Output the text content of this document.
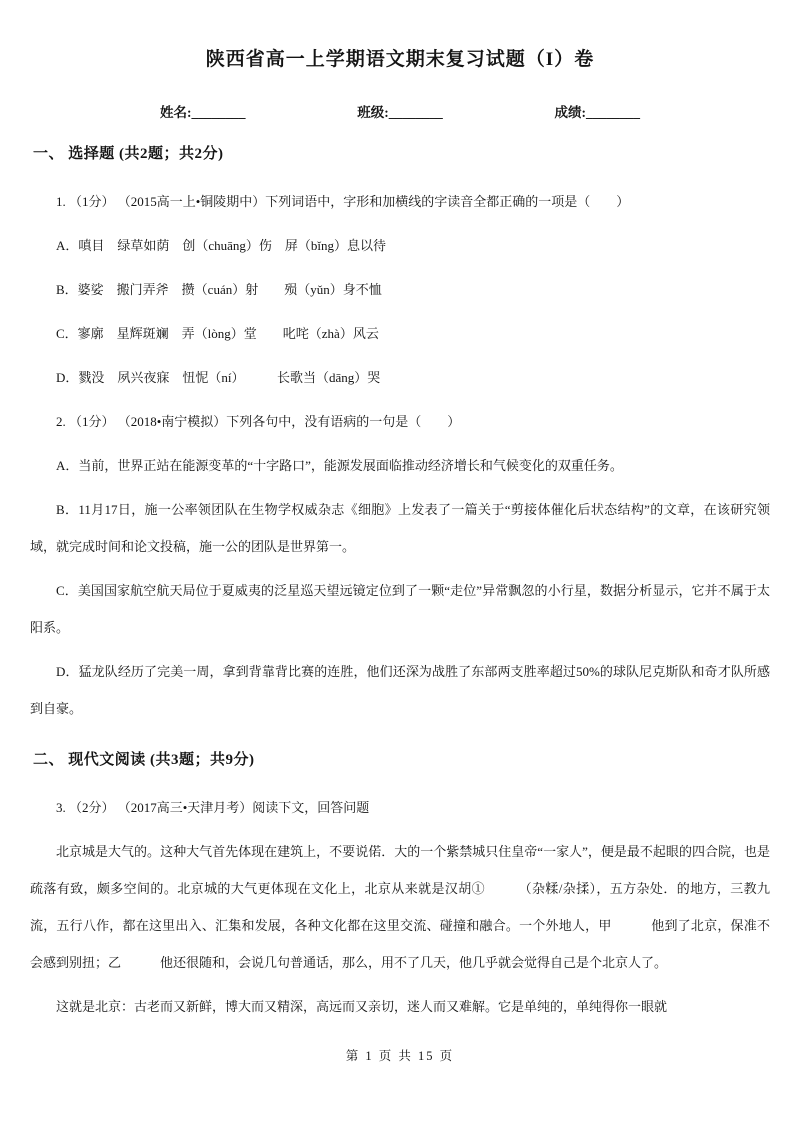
陕西省高一上学期语文期末复习试题（I）卷
姓名:________	班级:________	成绩:________
一、 选择题 (共2题；共2分)
1. （1分） （2015高一上•铜陵期中）下列词语中，字形和加横线的字读音全都正确的一项是（　　）
A．嗔目　绿草如荫　创（chuāng）伤　屏（bǐng）息以待
B．婆娑　搬门弄斧　攒（cuán）射　　殒（yǔn）身不恤
C．寥廓　星辉斑斓　弄（lòng）堂　　叱咤（zhà）风云
D．戮没　夙兴夜寐　忸怩（ní）　　　长歌当（dāng）哭
2. （1分） （2018•南宁模拟）下列各句中，没有语病的一句是（　　）
A．当前，世界正站在能源变革的“十字路口”，能源发展面临推动经济增长和气候变化的双重任务。
B．11月17日，施一公率领团队在生物学权威杂志《细胞》上发表了一篇关于“剪接体催化后状态结构”的文章，在该研究领域，就完成时间和论文投稿，施一公的团队是世界第一。
C．美国国家航空航天局位于夏威夷的泛星巡天望远镜定位到了一颗“走位”异常飘忽的小行星，数据分析显示，它并不属于太阳系。
D．猛龙队经历了完美一周，拿到背靠背比赛的连胜，他们还深为战胜了东部两支胜率超过50%的球队尼克斯队和奇才队所感到自豪。
二、 现代文阅读 (共3题；共9分)
3. （2分） （2017高三•天津月考）阅读下文，回答问题
北京城是大气的。这种大气首先体现在建筑上，不要说偌．大的一个紫禁城只住皇帝“一家人”，便是最不起眼的四合院，也是疏落有致，颇多空间的。北京城的大气更体现在文化上，北京从来就是汉胡①　　　（杂糅/杂揉），五方杂处．的地方，三教九流，五行八作，都在这里出入、汇集和发展，各种文化都在这里交流、碰撞和融合。一个外地人，甲　　　他到了北京，保准不会感到别扭；乙　　　他还很随和，会说几句普通话，那么，用不了几天，他几乎就会觉得自己是个北京人了。
这就是北京：古老而又新鲜，博大而又精深，高远而又亲切，迷人而又难解。它是单纯的，单纯得你一眼就
第 1 页 共 15 页
